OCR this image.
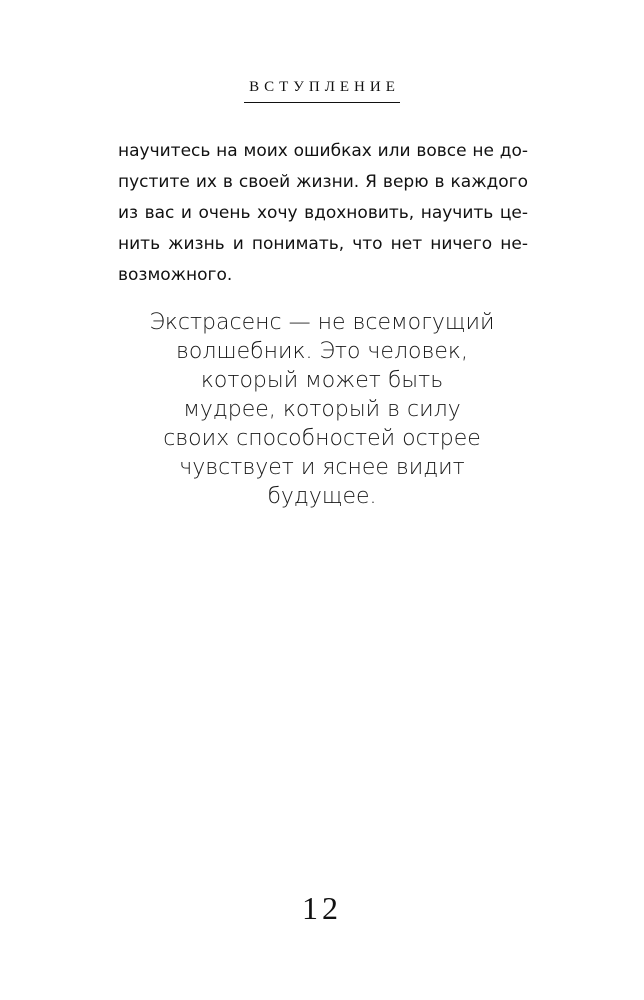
ВСТУПЛЕНИЕ
научитесь на моих ошибках или вовсе не до-
пустите их в своей жизни. Я верю в каждого
из вас и очень хочу вдохновить, научить це-
нить жизнь и понимать, что нет ничего не-
возможного.
Экстрасенс — не всемогущий
волшебник. Это человек,
который может быть
мудрее, который в силу
своих способностей острее
чувствует и яснее видит
будущее.
12
